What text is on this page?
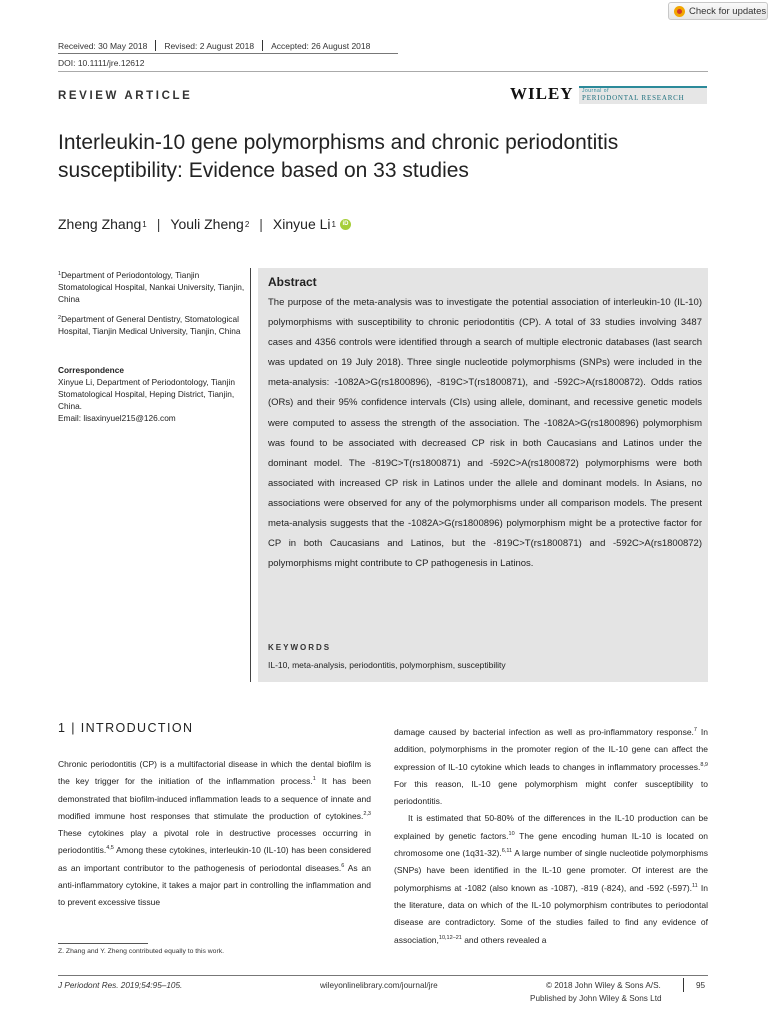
Check for updates
Received: 30 May 2018 Revised: 2 August 2018 Accepted: 26 August 2018
DOI: 10.1111/jre.12612
REVIEW ARTICLE	WILEY Journal of
PERIODONTAL RESEARCH
Interleukin-10 gene polymorphisms and chronic periodontitis susceptibility: Evidence based on 33 studies
Zheng Zhang 1 | Youli Zheng 2 | Xinyue Li 1	iD
$^1$Department of Periodontology, Tianjin Stomatological Hospital, Nankai University, Tianjin, China
$^2$Department of General Dentistry, Stomatological Hospital, Tianjin Medical University, Tianjin, China
Correspondence
Xinyue Li, Department of Periodontology, Tianjin Stomatological Hospital, Heping District, Tianjin, China.
Email: lisaxinyuel215@126.com
Abstract
The purpose of the meta-analysis was to investigate the potential association of interleukin-10 (IL-10) polymorphisms with susceptibility to chronic periodontitis (CP). A total of 33 studies involving 3487 cases and 4356 controls were identified through a search of multiple electronic databases (last search was updated on 19 July 2018). Three single nucleotide polymorphisms (SNPs) were included in the meta-analysis: -1082A>G(rs1800896), -819C>T(rs1800871), and -592C>A(rs1800872). Odds ratios (ORs) and their 95% confidence intervals (CIs) using allele, dominant, and recessive genetic models were computed to assess the strength of the association. The -1082A>G(rs1800896) polymorphism was found to be associated with decreased CP risk in both Caucasians and Latinos under the dominant model. The -819C>T(rs1800871) and -592C>A(rs1800872) polymorphisms were both associated with increased CP risk in Latinos under the allele and dominant models. In Asians, no associations were observed for any of the polymorphisms under all comparison models. The present meta-analysis suggests that the -1082A>G(rs1800896) polymorphism might be a protective factor for CP in both Caucasians and Latinos, but the -819C>T(rs1800871) and -592C>A(rs1800872) polymorphisms might contribute to CP pathogenesis in Latinos.
KEYWORDS
IL-10, meta-analysis, periodontitis, polymorphism, susceptibility
1 | INTRODUCTION
Chronic periodontitis (CP) is a multifactorial disease in which the dental biofilm is the key trigger for the initiation of the inflammation process.$^1$ It has been demonstrated that biofilm-induced inflammation leads to a sequence of innate and modified immune host responses that stimulate the production of cytokines.$^{2,3}$ These cytokines play a pivotal role in destructive processes occurring in periodontitis.$^{4,5}$ Among these cytokines, interleukin-10 (IL-10) has been considered as an important contributor to the pathogenesis of periodontal diseases.$^6$ As an anti-inflammatory cytokine, it takes a major part in controlling the inflammation and to prevent excessive tissue
damage caused by bacterial infection as well as pro-inflammatory response.$^7$ In addition, polymorphisms in the promoter region of the IL-10 gene can affect the expression of IL-10 cytokine which leads to changes in inflammatory processes.$^{8,9}$ For this reason, IL-10 gene polymorphism might confer susceptibility to periodontitis.
It is estimated that 50-80% of the differences in the IL-10 production can be explained by genetic factors.$^{10}$ The gene encoding human IL-10 is located on chromosome one (1q31-32).$^{6,11}$ A large number of single nucleotide polymorphisms (SNPs) have been identified in the IL-10 gene promoter. Of interest are the polymorphisms at -1082 (also known as -1087), -819 (-824), and -592 (-597).$^{11}$ In the literature, data on which of the IL-10 polymorphism contributes to periodontal disease are contradictory. Some of the studies failed to find any evidence of association,$^{10,12-21}$ and others revealed a
Z. Zhang and Y. Zheng contributed equally to this work.
J Periodont Res. 2019;54:95–105.	wileyonlinelibrary.com/journal/jre	© 2018 John Wiley & Sons A/S.
Published by John Wiley & Sons Ltd
95
